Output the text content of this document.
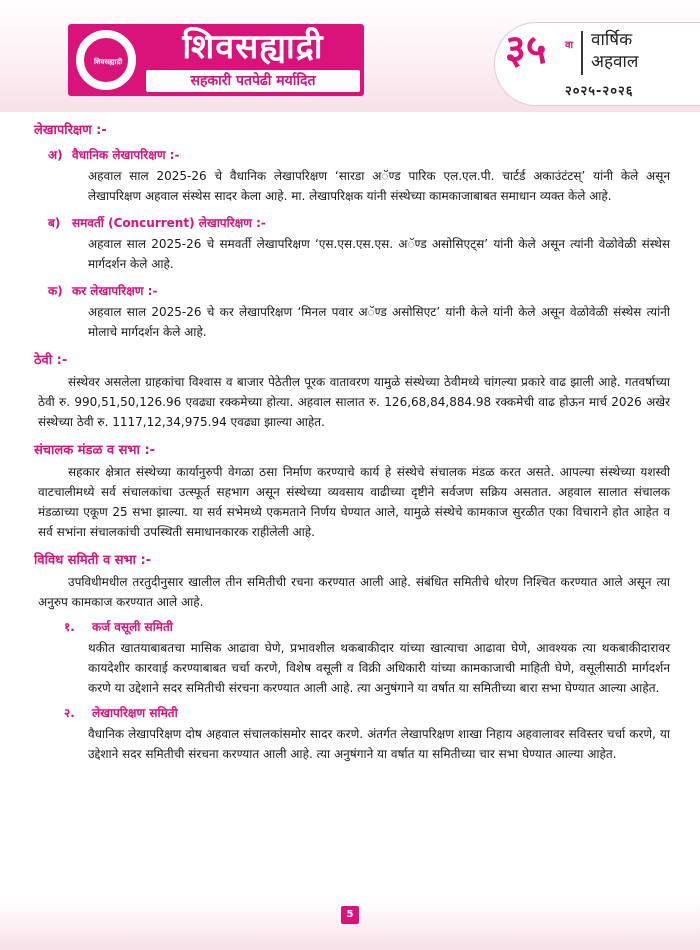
शिवसह्याद्री	शिवसह्याद्री
सहकारी पतपेढी मर्यादित
३५ वा वार्षिक
अहवाल
२०२५-२०२६
लेखापरिक्षण :-
अ) वैधानिक लेखापरिक्षण :-

अहवाल साल 2025-26 चे वैधानिक लेखापरिक्षण ‘सारडा अॅण्ड पारिक एल.एल.पी. चार्टर्ड अकाउंटंटस्’ यांनी केले असून लेखापरिक्षण अहवाल संस्थेस सादर केला आहे. मा. लेखापरिक्षक यांनी संस्थेच्या कामकाजाबाबत समाधान व्यक्त केले आहे.

ब) समवर्ती (Concurrent) लेखापरिक्षण :-

अहवाल साल 2025-26 चे समवर्ती लेखापरिक्षण ‘एस.एस.एस.एस. अॅण्ड असोसिएट्स’ यांनी केले असून त्यांनी वेळोवेळी संस्थेस मार्गदर्शन केले आहे.

क) कर लेखापरिक्षण :-

अहवाल साल 2025-26 चे कर लेखापरिक्षण ‘मिनल पवार अॅण्ड असोसिएट’ यांनी केले यांनी केले असून वेळोवेळी संस्थेस त्यांनी मोलाचे मार्गदर्शन केले आहे.

ठेवी :-

संस्थेवर असलेला ग्राहकांचा विश्वास व बाजार पेठेतील पूरक वातावरण यामुळे संस्थेच्या ठेवीमध्ये चांगल्या प्रकारे वाढ झाली आहे. गतवर्षाच्या ठेवी रु. 990,51,50,126.96 एवढ्या रक्कमेच्या होत्या. अहवाल सालात रु. 126,68,84,884.98 रक्कमेची वाढ होऊन मार्च 2026 अखेर संस्थेच्या ठेवी रु. 1117,12,34,975.94 एवढ्या झाल्या आहेत.

संचालक मंडळ व सभा :-

सहकार क्षेत्रात संस्थेच्या कार्यानुरुपी वेगळा ठसा निर्माण करण्याचे कार्य हे संस्थेचे संचालक मंडळ करत असते. आपल्या संस्थेच्या यशस्वी वाटचालीमध्ये सर्व संचालकांचा उत्स्फूर्त सहभाग असून संस्थेच्या व्यवसाय वाढीच्या दृष्टीने सर्वजण सक्रिय असतात. अहवाल सालात संचालक मंडळाच्या एकूण 25 सभा झाल्या. या सर्व सभेमध्ये एकमताने निर्णय घेण्यात आले, यामुळे संस्थेचे कामकाज सुरळीत एका विचाराने होत आहेत व सर्व सभांना संचालकांची उपस्थिती समाधानकारक राहीलेली आहे.

विविध समिती व सभा :-

उपविधीमधील तरतुदीनुसार खालील तीन समितीची रचना करण्यात आली आहे. संबंधित समितीचे धोरण निश्चित करण्यात आले असून त्या अनुरुप कामकाज करण्यात आले आहे.

१.	कर्ज वसूली समिती

थकीत खातयाबाबतचा मासिक आढावा घेणे, प्रभावशील थकबाकीदार यांच्या खात्याचा आढावा घेणे, आवश्यक त्या थकबाकीदारावर कायदेशीर कारवाई करण्याबाबत चर्चा करणे, विशेष वसूली व विक्री अधिकारी यांच्या कामकाजाची माहिती घेणे, वसूलीसाठी मार्गदर्शन करणे या उद्देशाने सदर समितीची संरचना करण्यात आली आहे. त्या अनुषंगाने या वर्षात या समितीच्या बारा सभा घेण्यात आल्या आहेत.

२.	लेखापरिक्षण समिती

वैधानिक लेखापरिक्षण दोष अहवाल संचालकांसमोर सादर करणे. अंतर्गत लेखापरिक्षण शाखा निहाय अहवालावर सविस्तर चर्चा करणे, या उद्देशाने सदर समितीची संरचना करण्यात आली आहे. त्या अनुषंगाने या वर्षात या समितीच्या चार सभा घेण्यात आल्या आहेत.

5
